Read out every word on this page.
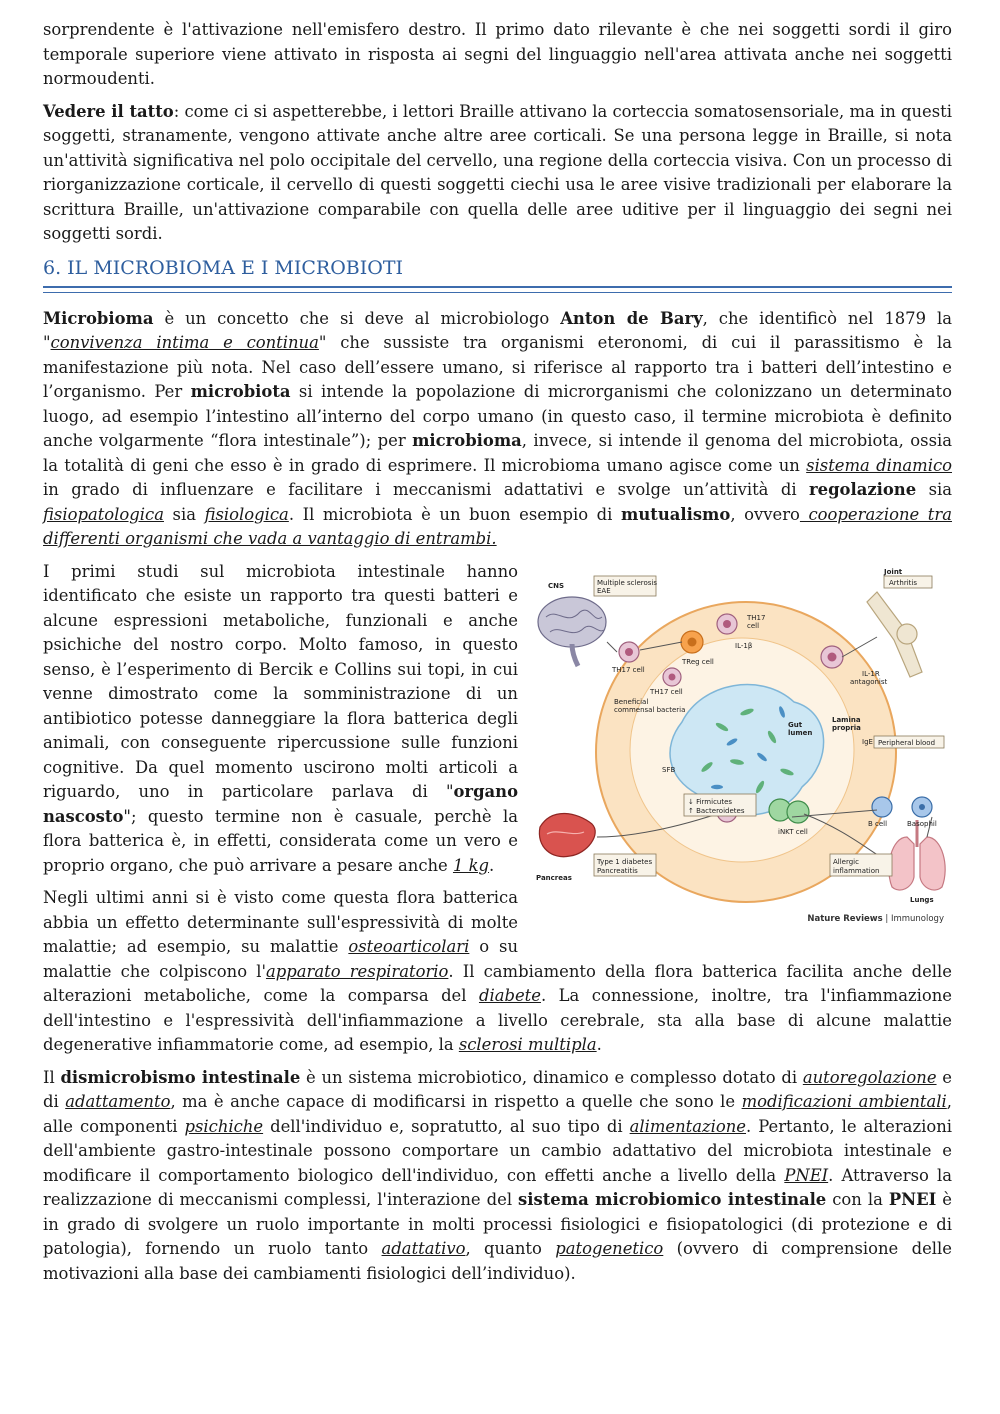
sorprendente è l'attivazione nell'emisfero destro. Il primo dato rilevante è che nei soggetti sordi il giro temporale superiore viene attivato in risposta ai segni del linguaggio nell'area attivata anche nei soggetti normoudenti.

Vedere il tatto: come ci si aspetterebbe, i lettori Braille attivano la corteccia somatosensoriale, ma in questi soggetti, stranamente, vengono attivate anche altre aree corticali. Se una persona legge in Braille, si nota un'attività significativa nel polo occipitale del cervello, una regione della corteccia visiva. Con un processo di riorganizzazione corticale, il cervello di questi soggetti ciechi usa le aree visive tradizionali per elaborare la scrittura Braille, un'attivazione comparabile con quella delle aree uditive per il linguaggio dei segni nei soggetti sordi.

6. IL MICROBIOMA E I MICROBIOTI

Microbioma è un concetto che si deve al microbiologo Anton de Bary, che identificò nel 1879 la "convivenza intima e continua" che sussiste tra organismi eteronomi, di cui il parassitismo è la manifestazione più nota. Nel caso dell’essere umano, si riferisce al rapporto tra i batteri dell’intestino e l’organismo. Per microbiota si intende la popolazione di microrganismi che colonizzano un determinato luogo, ad esempio l’intestino all’interno del corpo umano (in questo caso, il termine microbiota è definito anche volgarmente “flora intestinale”); per microbioma, invece, si intende il genoma del microbiota, ossia la totalità di geni che esso è in grado di esprimere. Il microbioma umano agisce come un sistema dinamico in grado di influenzare e facilitare i meccanismi adattativi e svolge un’attività di regolazione sia fisiopatologica sia fisiologica. Il microbiota è un buon esempio di mutualismo, ovvero cooperazione tra differenti organismi che vada a vantaggio di entrambi.

CNS	Multiple sclerosis
EAE
TH17 cell
TReg cell
TH17
cell
IL-1β
TH17 cell
Beneficial
commensal bacteria
SFB
Gut
lumen
Lamina
propria
Joint
Arthritis
IL-1R
antagonist
IgE Peripheral blood
B cell	Basophil
↓ Firmicutes
↑ Bacteroidetes
iNKT cell
Type 1 diabetes
Pancreatitis
Pancreas
Allergic
inflammation
Lungs
Nature Reviews | Immunology

I primi studi sul microbiota intestinale hanno identificato che esiste un rapporto tra questi batteri e alcune espressioni metaboliche, funzionali e anche psichiche del nostro corpo. Molto famoso, in questo senso, è l’esperimento di Bercik e Collins sui topi, in cui venne dimostrato come la somministrazione di un antibiotico potesse danneggiare la flora batterica degli animali, con conseguente ripercussione sulle funzioni cognitive. Da quel momento uscirono molti articoli a riguardo, uno in particolare parlava di "organo nascosto"; questo termine non è casuale, perchè la flora batterica è, in effetti, considerata come un vero e proprio organo, che può arrivare a pesare anche 1 kg.

Negli ultimi anni si è visto come questa flora batterica abbia un effetto determinante sull'espressività di molte malattie; ad esempio, su malattie osteoarticolari o su malattie che colpiscono l'apparato respiratorio. Il cambiamento della flora batterica facilita anche delle alterazioni metaboliche, come la comparsa del diabete. La connessione, inoltre, tra l'infiammazione dell'intestino e l'espressività dell'infiammazione a livello cerebrale, sta alla base di alcune malattie degenerative infiammatorie come, ad esempio, la sclerosi multipla.

Il dismicrobismo intestinale è un sistema microbiotico, dinamico e complesso dotato di autoregolazione e di adattamento, ma è anche capace di modificarsi in rispetto a quelle che sono le modificazioni ambientali, alle componenti psichiche dell'individuo e, sopratutto, al suo tipo di alimentazione. Pertanto, le alterazioni dell'ambiente gastro-intestinale possono comportare un cambio adattativo del microbiota intestinale e modificare il comportamento biologico dell'individuo, con effetti anche a livello della PNEI. Attraverso la realizzazione di meccanismi complessi, l'interazione del sistema microbiomico intestinale con la PNEI è in grado di svolgere un ruolo importante in molti processi fisiologici e fisiopatologici (di protezione e di patologia), fornendo un ruolo tanto adattativo, quanto patogenetico (ovvero di comprensione delle motivazioni alla base dei cambiamenti fisiologici dell’individuo).
